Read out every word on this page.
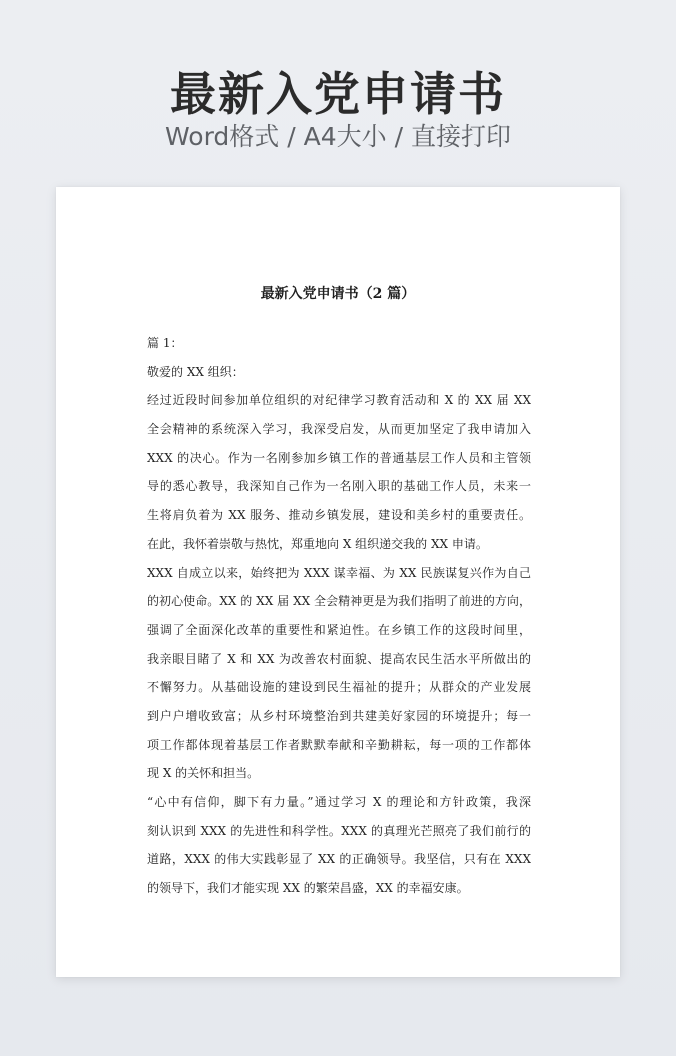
最新入党申请书
Word格式 / A4大小 / 直接打印
最新入党申请书（2 篇）
篇 1：
敬爱的 XX 组织：
经过近段时间参加单位组织的对纪律学习教育活动和 X 的 XX 届 XX
全会精神的系统深入学习，我深受启发，从而更加坚定了我申请加入
XXX 的决心。作为一名刚参加乡镇工作的普通基层工作人员和主管领
导的悉心教导，我深知自己作为一名刚入职的基础工作人员，未来一
生将肩负着为 XX 服务、推动乡镇发展，建设和美乡村的重要责任。
在此，我怀着崇敬与热忱，郑重地向 X 组织递交我的 XX 申请。
XXX 自成立以来，始终把为 XXX 谋幸福、为 XX 民族谋复兴作为自己
的初心使命。XX 的 XX 届 XX 全会精神更是为我们指明了前进的方向，
强调了全面深化改革的重要性和紧迫性。在乡镇工作的这段时间里，
我亲眼目睹了 X 和 XX 为改善农村面貌、提高农民生活水平所做出的
不懈努力。从基础设施的建设到民生福祉的提升；从群众的产业发展
到户户增收致富；从乡村环境整治到共建美好家园的环境提升；每一
项工作都体现着基层工作者默默奉献和辛勤耕耘，每一项的工作都体
现 X 的关怀和担当。
“心中有信仰，脚下有力量。”通过学习 X 的理论和方针政策，我深
刻认识到 XXX 的先进性和科学性。XXX 的真理光芒照亮了我们前行的
道路，XXX 的伟大实践彰显了 XX 的正确领导。我坚信，只有在 XXX
的领导下，我们才能实现 XX 的繁荣昌盛，XX 的幸福安康。
